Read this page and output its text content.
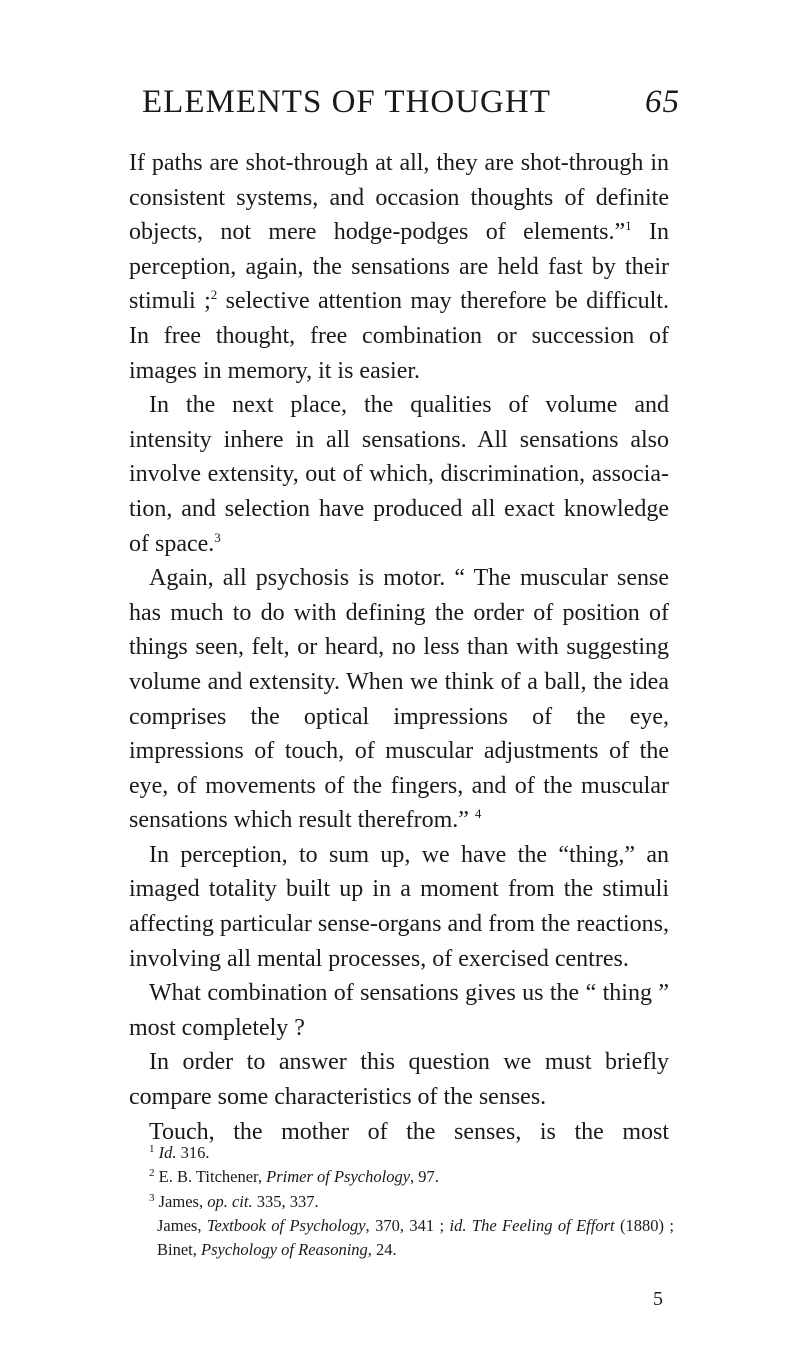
ELEMENTS OF THOUGHT	65

If paths are shot-through at all, they are shot-through in consistent systems, and occasion thoughts of definite objects, not mere hodge-podges of elements.”$^1$ In perception, again, the sensations are held fast by their stimuli ;$^2$ selective attention may therefore be difficult. In free thought, free combination or succession of images in memory, it is easier.

In the next place, the qualities of volume and intensity inhere in all sensations. All sensations also involve extensity, out of which, discrimination, associa-tion, and selection have produced all exact knowledge of space.$^3$

Again, all psychosis is motor. “ The muscular sense has much to do with defining the order of position of things seen, felt, or heard, no less than with suggesting volume and extensity. When we think of a ball, the idea comprises the optical impressions of the eye, impressions of touch, of muscular adjustments of the eye, of movements of the fingers, and of the muscular sensations which result therefrom.” $^4$

In perception, to sum up, we have the “thing,” an imaged totality built up in a moment from the stimuli affecting particular sense-organs and from the reactions, involving all mental processes, of exercised centres.

What combination of sensations gives us the “ thing ” most completely ?

In order to answer this question we must briefly compare some characteristics of the senses.

Touch, the mother of the senses, is the most

$^1$ Id. 316.

$^2$ E. B. Titchener, Primer of Psychology, 97.

$^3$ James, op. cit. 335, 337.

James, Textbook of Psychology, 370, 341 ; id. The Feeling of Effort (1880) ; Binet, Psychology of Reasoning, 24.

5
